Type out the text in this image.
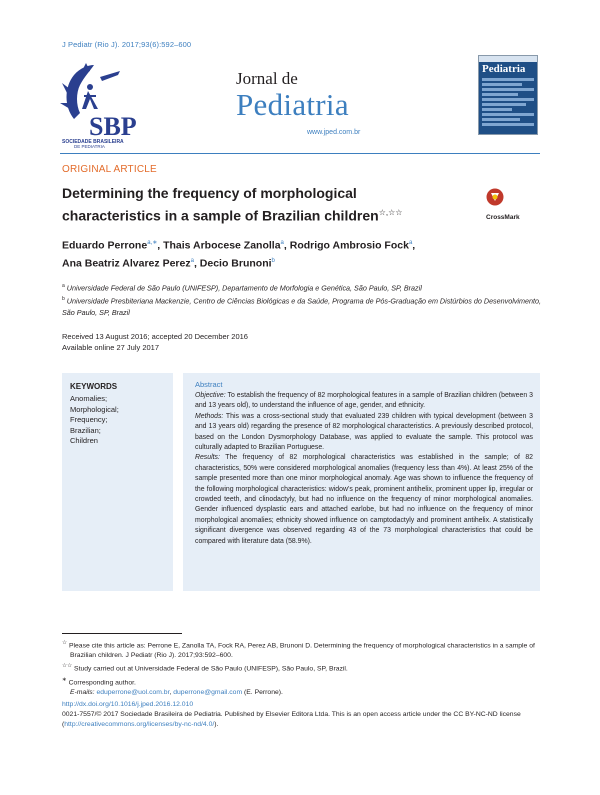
J Pediatr (Rio J). 2017;93(6):592–600
SBP
SOCIEDADE BRASILEIRA
DE PEDIATRIA
Jornal de
Pediatria
www.jped.com.br
Pediatria
ORIGINAL ARTICLE
Determining the frequency of morphological
characteristics in a sample of Brazilian children☆,☆☆
CrossMark
Eduardo Perrone$^{a,∗}$, Thais Arbocese Zanolla$^a$, Rodrigo Ambrosio Fock$^a$,
Ana Beatriz Alvarez Perez$^a$, Decio Brunoni$^b$
$^a$ Universidade Federal de São Paulo (UNIFESP), Departamento de Morfologia e Genética, São Paulo, SP, Brazil
$^b$ Universidade Presbiteriana Mackenzie, Centro de Ciências Biológicas e da Saúde, Programa de Pós-Graduação em Distúrbios do Desenvolvimento, São Paulo, SP, Brazil
Received 13 August 2016; accepted 20 December 2016
Available online 27 July 2017
KEYWORDS
Anomalies;
Morphological;
Frequency;
Brazilian;
Children
Abstract

Objective: To establish the frequency of 82 morphological features in a sample of Brazilian children (between 3 and 13 years old), to understand the influence of age, gender, and ethnicity.

Methods: This was a cross-sectional study that evaluated 239 children with typical development (between 3 and 13 years old) regarding the presence of 82 morphological characteristics. A previously described protocol, based on the London Dysmorphology Database, was applied to evaluate the sample. This protocol was culturally adapted to Brazilian Portuguese.

Results: The frequency of 82 morphological characteristics was established in the sample; of 82 characteristics, 50% were considered morphological anomalies (frequency less than 4%). At least 25% of the sample presented more than one minor morphological anomaly. Age was shown to influence the frequency of the following morphological characteristics: widow’s peak, prominent antihelix, prominent upper lip, irregular or crowded teeth, and clinodactyly, but had no influence on the frequency of minor morphological anomalies. Gender influenced dysplastic ears and attached earlobe, but had no influence on the frequency of minor morphological anomalies; ethnicity showed influence on camptodactyly and prominent antihelix. A statistically significant divergence was observed regarding 43 of the 73 morphological characteristics that could be compared with literature data (58.9%).

☆ Please cite this article as: Perrone E, Zanolla TA, Fock RA, Perez AB, Brunoni D. Determining the frequency of morphological characteristics in a sample of Brazilian children. J Pediatr (Rio J). 2017;93:592–600.

☆☆ Study carried out at Universidade Federal de São Paulo (UNIFESP), São Paulo, SP, Brazil.

∗ Corresponding author.

E-mails: eduperrone@uol.com.br, duperrone@gmail.com (E. Perrone).

http://dx.doi.org/10.1016/j.jped.2016.12.010

0021-7557/© 2017 Sociedade Brasileira de Pediatria. Published by Elsevier Editora Ltda. This is an open access article under the CC BY-NC-ND license (http://creativecommons.org/licenses/by-nc-nd/4.0/).
